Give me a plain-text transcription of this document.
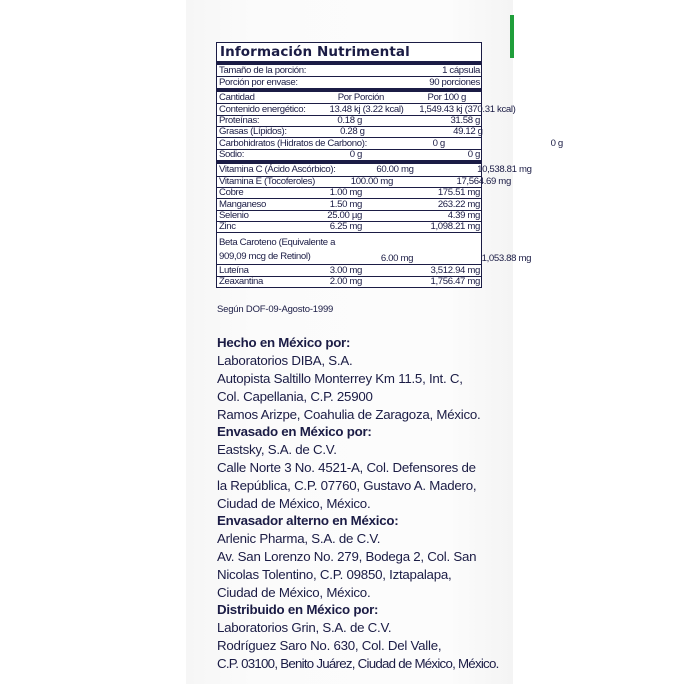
Información Nutrimental
Tamaño de la porción:	1 cápsula
Porción por envase:	90 porciones
Cantidad	Por Porción	Por 100 g
Contenido energético:	13.48 kj (3.22 kcal)	1,549.43 kj (370.31 kcal)
Proteínas:	0.18 g	31.58 g
Grasas (Lípidos):	0.28 g	49.12 g
Carbohidratos (Hidratos de Carbono):	0 g	0 g
Sodio:	0 g	0 g
Vitamina C (Ácido Ascórbico):	60.00 mg	10,538.81 mg
Vitamina E (Tocoferoles)	100.00 mg	17,564.69 mg
Cobre	1.00 mg	175.51 mg
Manganeso	1.50 mg	263.22 mg
Selenio	25.00 µg	4.39 mg
Zinc	6.25 mg	1,098.21 mg
Beta Caroteno (Equivalente a
909,09 mcg de Retinol)	6.00 mg	1,053.88 mg
Luteína	3.00 mg	3,512.94 mg
Zeaxantina	2.00 mg	1,756.47 mg
Según DOF-09-Agosto-1999
Hecho en México por:
Laboratorios DIBA, S.A.
Autopista Saltillo Monterrey Km 11.5, Int. C,
Col. Capellania, C.P. 25900
Ramos Arizpe, Coahulia de Zaragoza, México.
Envasado en México por:
Eastsky, S.A. de C.V.
Calle Norte 3 No. 4521-A, Col. Defensores de
la República, C.P. 07760, Gustavo A. Madero,
Ciudad de México, México.
Envasador alterno en México:
Arlenic Pharma, S.A. de C.V.
Av. San Lorenzo No. 279, Bodega 2, Col. San
Nicolas Tolentino, C.P. 09850, Iztapalapa,
Ciudad de México, México.
Distribuido en México por:
Laboratorios Grin, S.A. de C.V.
Rodríguez Saro No. 630, Col. Del Valle,
C.P. 03100, Benito Juárez, Ciudad de México, México.
